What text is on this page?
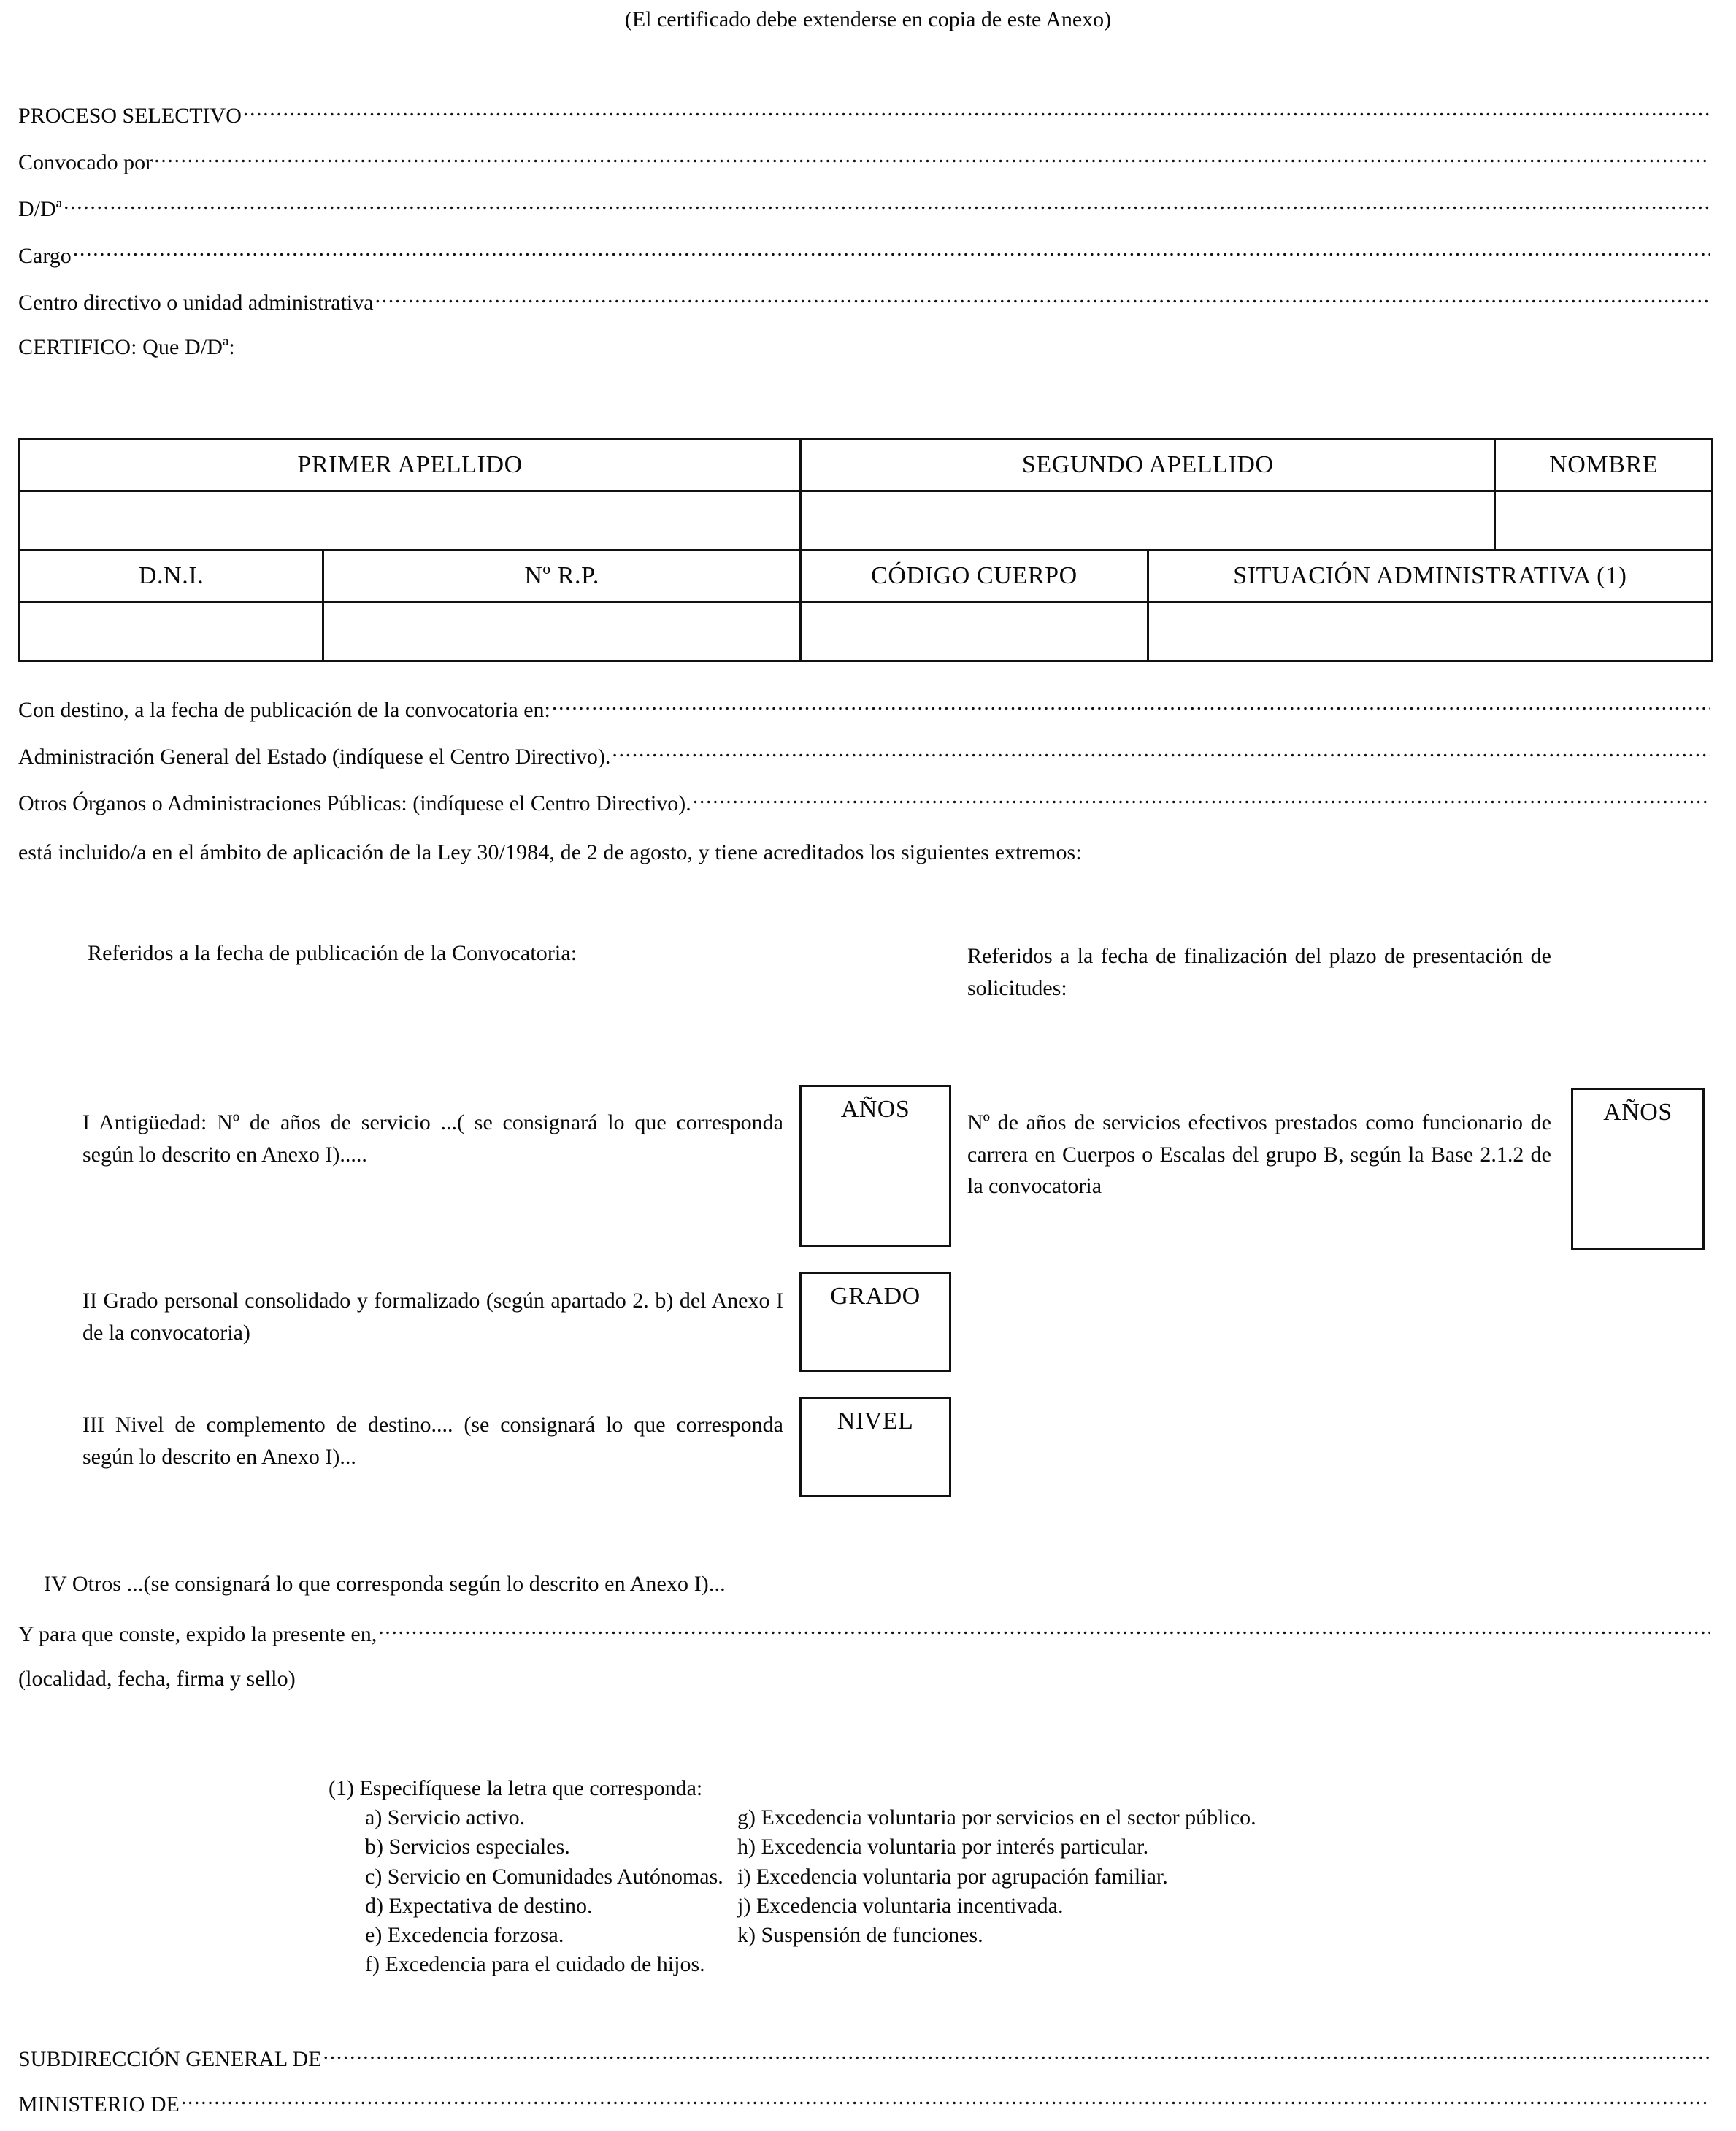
(El certificado debe extenderse en copia de este Anexo)
PROCESO SELECTIVO
.....
Convocado por
.....
D/Dª
.....
Cargo
.....
Centro directivo o unidad administrativa
.....
CERTIFICO: Que D/Dª:
PRIMER APELLIDO		SEGUNDO APELLIDO		NOMBRE

D.N.I.	Nº R.P.	CÓDIGO CUERPO	SITUACIÓN ADMINISTRATIVA (1)	

Con destino, a la fecha de publicación de la convocatoria en:
.....
Administración General del Estado (indíquese el Centro Directivo).
.....
Otros Órganos o Administraciones Públicas: (indíquese el Centro Directivo).
.....
está incluido/a en el ámbito de aplicación de la Ley 30/1984, de 2 de agosto, y tiene acreditados los siguientes extremos:
Referidos a la fecha de publicación de la Convocatoria:	Referidos a la fecha de finalización del plazo de presentación de solicitudes:
I Antigüedad: Nº de años de servicio ...( se consignará lo que corresponda según lo descrito en Anexo I).....
AÑOS	Nº de años de servicios efectivos prestados como funcionario de carrera en Cuerpos o Escalas del grupo B, según la Base 2.1.2 de la convocatoria
AÑOS
II Grado personal consolidado y formalizado (según apartado 2. b) del Anexo I de la convocatoria)
GRADO
III Nivel de complemento de destino.... (se consignará lo que corresponda según lo descrito en Anexo I)...
NIVEL
IV Otros ...(se consignará lo que corresponda según lo descrito en Anexo I)...
Y para que conste, expido la presente en,
.....
(localidad, fecha, firma y sello)
(1) Especifíquese la letra que corresponda:
a) Servicio activo.
b) Servicios especiales.
c) Servicio en Comunidades Autónomas.
d) Expectativa de destino.
e) Excedencia forzosa.
f) Excedencia para el cuidado de hijos.
g) Excedencia voluntaria por servicios en el sector público.
h) Excedencia voluntaria por interés particular.
i) Excedencia voluntaria por agrupación familiar.
j) Excedencia voluntaria incentivada.
k) Suspensión de funciones.
SUBDIRECCIÓN GENERAL DE
.....
MINISTERIO DE
.....
